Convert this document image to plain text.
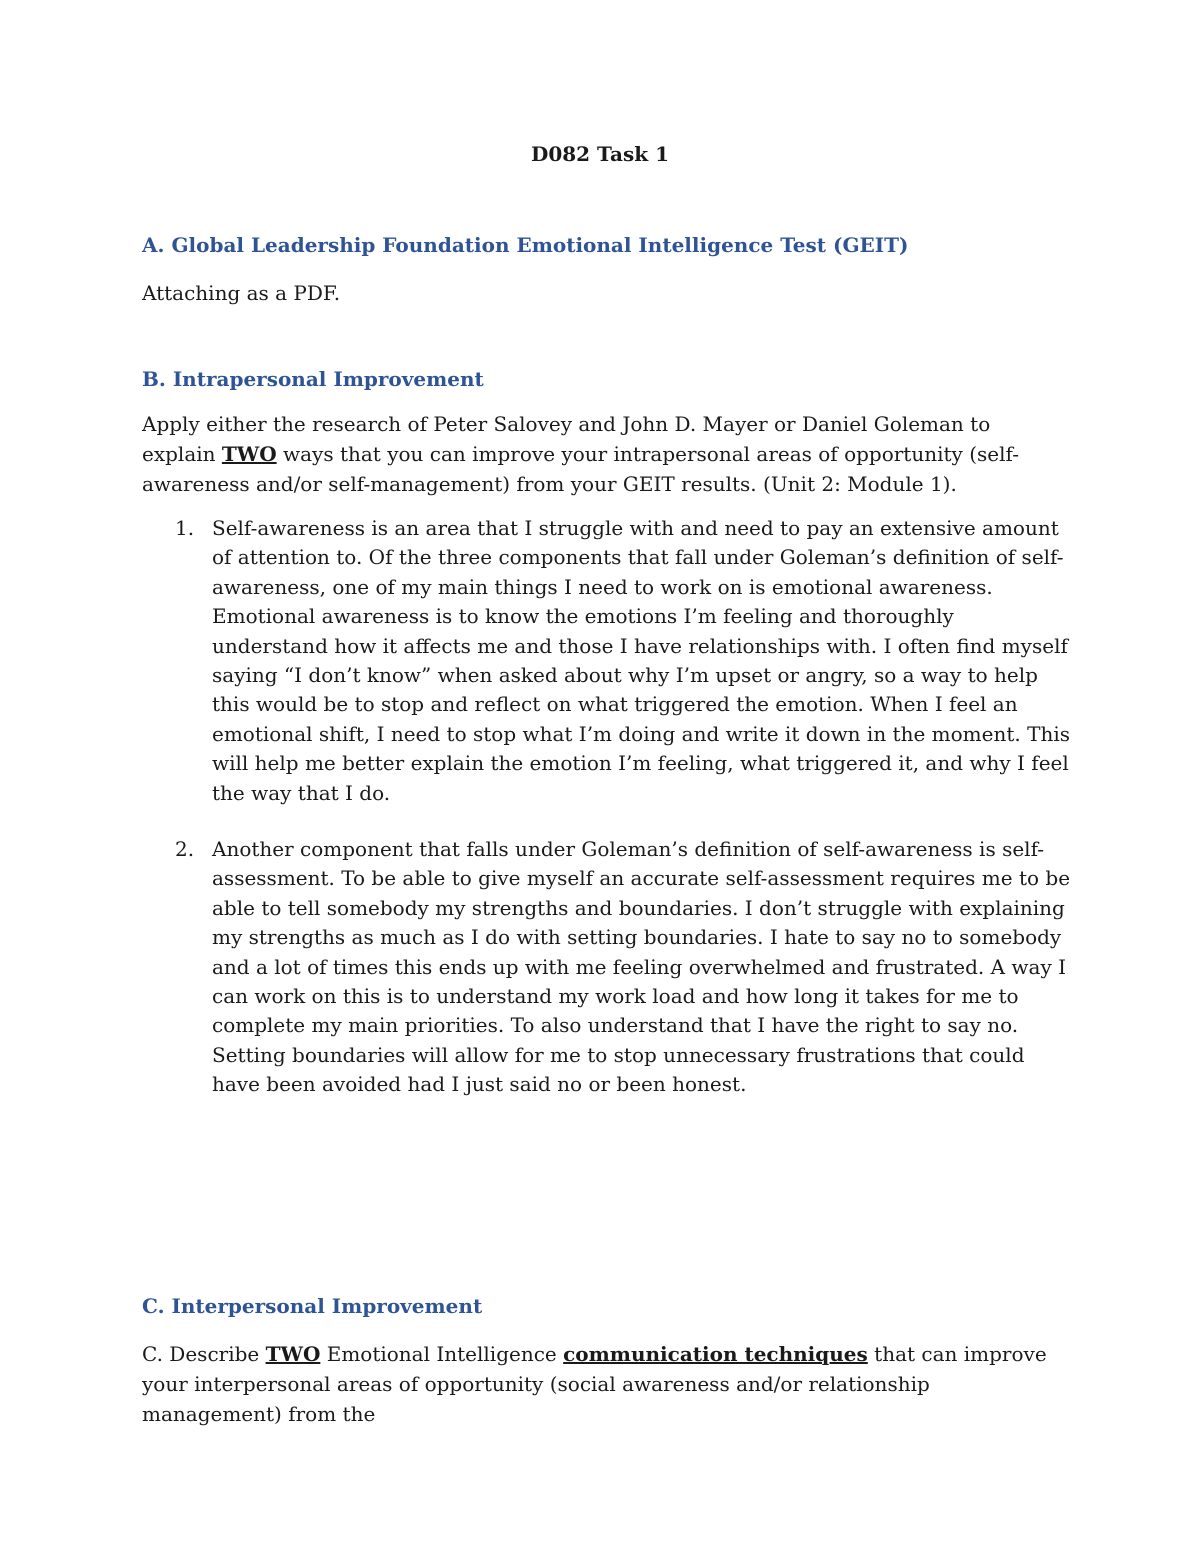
D082 Task 1
A. Global Leadership Foundation Emotional Intelligence Test (GEIT)

Attaching as a PDF.

B. Intrapersonal Improvement

Apply either the research of Peter Salovey and John D. Mayer or Daniel Goleman to explain TWO ways that you can improve your intrapersonal areas of opportunity (self-awareness and/or self-management) from your GEIT results. (Unit 2: Module 1).

1. Self-awareness is an area that I struggle with and need to pay an extensive amount of attention to. Of the three components that fall under Goleman’s definition of self-awareness, one of my main things I need to work on is emotional awareness. Emotional awareness is to know the emotions I’m feeling and thoroughly understand how it affects me and those I have relationships with. I often find myself saying “I don’t know” when asked about why I’m upset or angry, so a way to help this would be to stop and reflect on what triggered the emotion. When I feel an emotional shift, I need to stop what I’m doing and write it down in the moment. This will help me better explain the emotion I’m feeling, what triggered it, and why I feel the way that I do.
2. Another component that falls under Goleman’s definition of self-awareness is self-assessment. To be able to give myself an accurate self-assessment requires me to be able to tell somebody my strengths and boundaries. I don’t struggle with explaining my strengths as much as I do with setting boundaries. I hate to say no to somebody and a lot of times this ends up with me feeling overwhelmed and frustrated. A way I can work on this is to understand my work load and how long it takes for me to complete my main priorities. To also understand that I have the right to say no. Setting boundaries will allow for me to stop unnecessary frustrations that could have been avoided had I just said no or been honest.
C. Interpersonal Improvement

C. Describe TWO Emotional Intelligence communication techniques that can improve your interpersonal areas of opportunity (social awareness and/or relationship management) from the
